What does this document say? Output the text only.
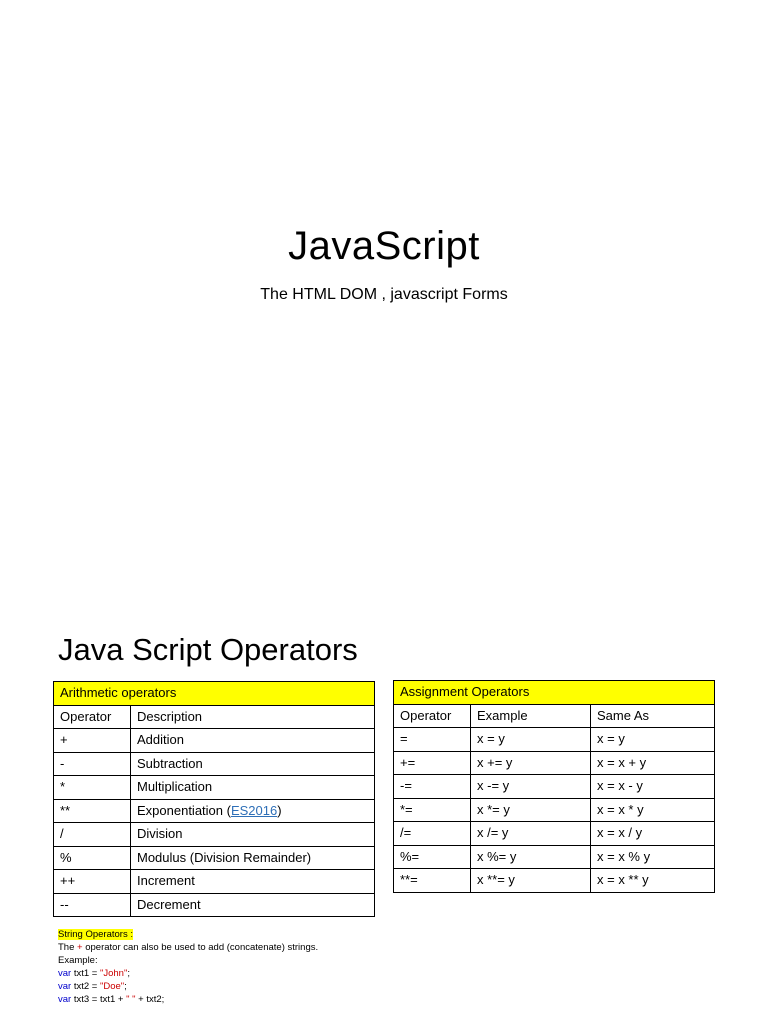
JavaScript
The HTML DOM , javascript Forms
Java Script Operators
Arithmetic operators	
Operator	Description
+	Addition
-	Subtraction
*	Multiplication
**	Exponentiation (ES2016)
/	Division
%	Modulus (Division Remainder)
++	Increment
--	Decrement
Assignment Operators		
Operator	Example	Same As
=	x = y	x = y
+=	x += y	x = x + y
-=	x -= y	x = x - y
*=	x *= y	x = x * y
/=	x /= y	x = x / y
%=	x %= y	x = x % y
**=	x **= y	x = x ** y
String Operators :
The + operator can also be used to add (concatenate) strings.
Example:
var txt1 = "John";
var txt2 = "Doe";
var txt3 = txt1 + " " + txt2;
